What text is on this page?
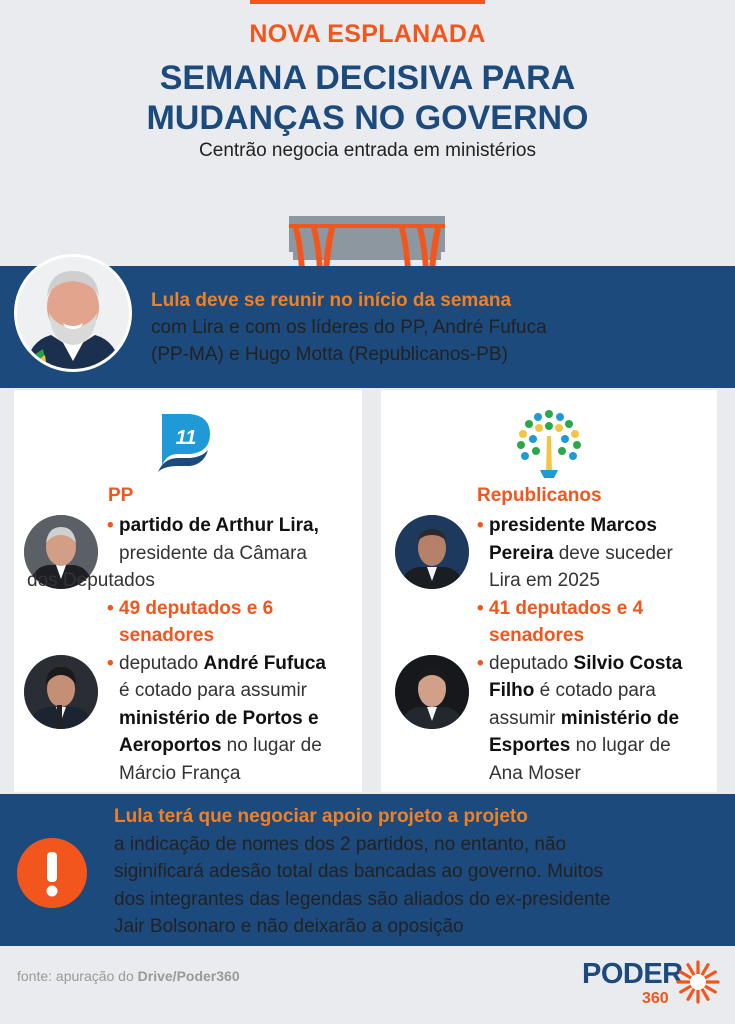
NOVA ESPLANADA
SEMANA DECISIVA PARA
MUDANÇAS NO GOVERNO
Centrão negocia entrada em ministérios
Lula deve se reunir no início da semana
com Lira e com os líderes do PP, André Fufuca
(PP-MA) e Hugo Motta (Republicanos-PB)
11
PP
• partido de Arthur Lira,
presidente da Câmara
dos Deputados
• 49 deputados e 6
senadores
• deputado André Fufuca
é cotado para assumir
ministério de Portos e
Aeroportos no lugar de
Márcio França
Republicanos
• presidente Marcos
Pereira deve suceder
Lira em 2025
• 41 deputados e 4
senadores
• deputado Silvio Costa
Filho é cotado para
assumir ministério de
Esportes no lugar de
Ana Moser
Lula terá que negociar apoio projeto a projeto
a indicação de nomes dos 2 partidos, no entanto, não
siginificará adesão total das bancadas ao governo. Muitos
dos integrantes das legendas são aliados do ex-presidente
Jair Bolsonaro e não deixarão a oposição
fonte: apuração do Drive/Poder360	PODER
360
